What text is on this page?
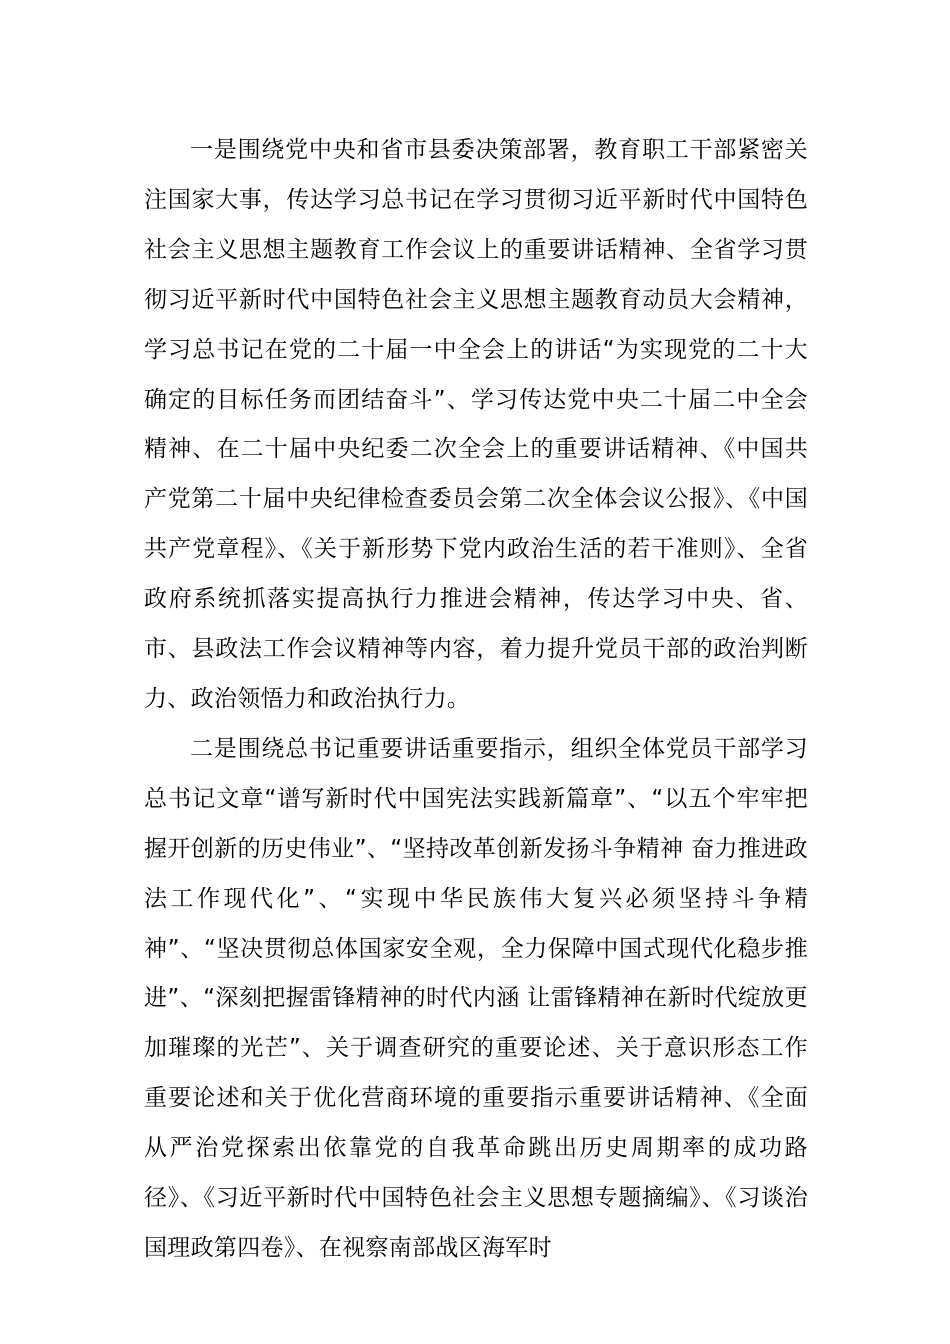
一是围绕党中央和省市县委决策部署，教育职工干部紧密关注国家大事，传达学习总书记在学习贯彻习近平新时代中国特色社会主义思想主题教育工作会议上的重要讲话精神、全省学习贯彻习近平新时代中国特色社会主义思想主题教育动员大会精神，学习总书记在党的二十届一中全会上的讲话“为实现党的二十大确定的目标任务而团结奋斗”、学习传达党中央二十届二中全会精神、在二十届中央纪委二次全会上的重要讲话精神、《中国共产党第二十届中央纪律检查委员会第二次全体会议公报》、《中国共产党章程》、《关于新形势下党内政治生活的若干准则》、全省政府系统抓落实提高执行力推进会精神，传达学习中央、省、市、县政法工作会议精神等内容，着力提升党员干部的政治判断力、政治领悟力和政治执行力。

二是围绕总书记重要讲话重要指示，组织全体党员干部学习总书记文章“谱写新时代中国宪法实践新篇章”、“以五个牢牢把握开创新的历史伟业”、“坚持改革创新发扬斗争精神 奋力推进政法工作现代化”、“实现中华民族伟大复兴必须坚持斗争精神”、“坚决贯彻总体国家安全观，全力保障中国式现代化稳步推进”、“深刻把握雷锋精神的时代内涵 让雷锋精神在新时代绽放更加璀璨的光芒”、关于调查研究的重要论述、关于意识形态工作重要论述和关于优化营商环境的重要指示重要讲话精神、《全面从严治党探索出依靠党的自我革命跳出历史周期率的成功路径》、《习近平新时代中国特色社会主义思想专题摘编》、《习谈治国理政第四卷》、在视察南部战区海军时
